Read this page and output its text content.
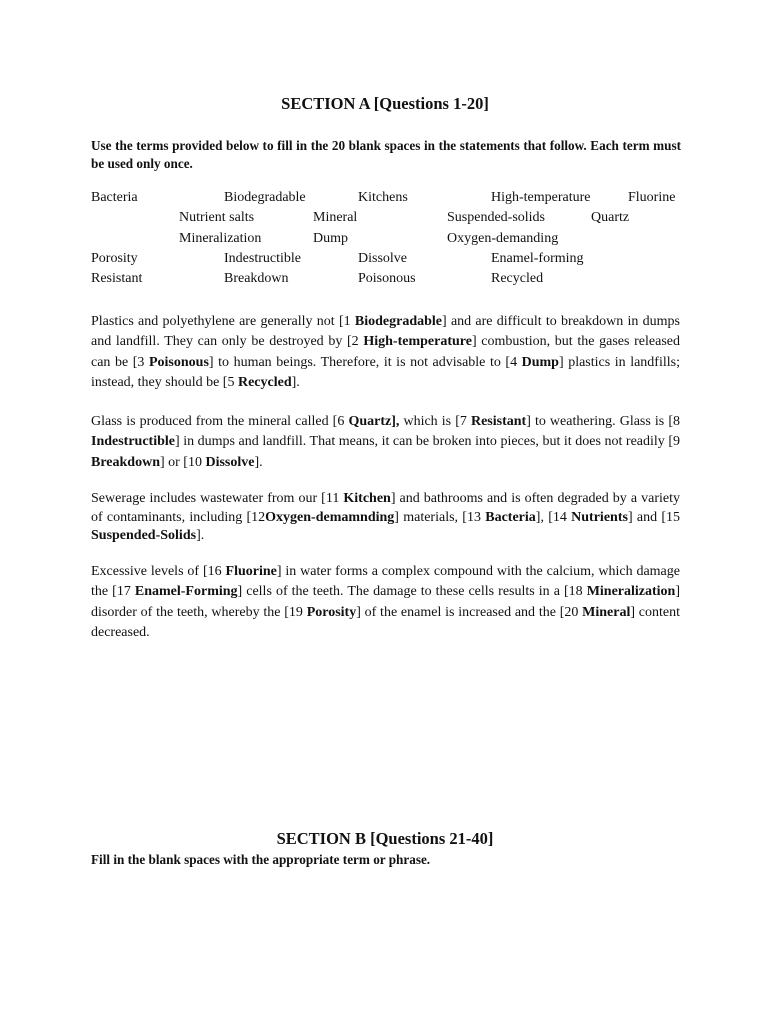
SECTION A [Questions 1-20]
Use the terms provided below to fill in the 20 blank spaces in the statements that follow. Each term must be used only once.
Bacteria	Biodegradable	Kitchens	High-temperature	Fluorine
Nutrient salts	Mineral	Suspended-solids	Quartz
Mineralization	Dump	Oxygen-demanding
Porosity	Indestructible	Dissolve	Enamel-forming
Resistant	Breakdown	Poisonous	Recycled

Plastics and polyethylene are generally not [1 Biodegradable] and are difficult to breakdown in dumps and landfill. They can only be destroyed by [2 High-temperature] combustion, but the gases released can be [3 Poisonous] to human beings. Therefore, it is not advisable to [4 Dump] plastics in landfills; instead, they should be [5 Recycled].

Glass is produced from the mineral called [6 Quartz], which is [7 Resistant] to weathering. Glass is [8 Indestructible] in dumps and landfill. That means, it can be broken into pieces, but it does not readily [9 Breakdown] or [10 Dissolve].

Sewerage includes wastewater from our [11 Kitchen] and bathrooms and is often degraded by a variety of contaminants, including [12Oxygen-demamnding] materials, [13 Bacteria], [14 Nutrients] and [15 Suspended-Solids].

Excessive levels of [16 Fluorine] in water forms a complex compound with the calcium, which damage the [17 Enamel-Forming] cells of the teeth. The damage to these cells results in a [18 Mineralization] disorder of the teeth, whereby the [19 Porosity] of the enamel is increased and the [20 Mineral] content decreased.

SECTION B [Questions 21-40]
Fill in the blank spaces with the appropriate term or phrase.
